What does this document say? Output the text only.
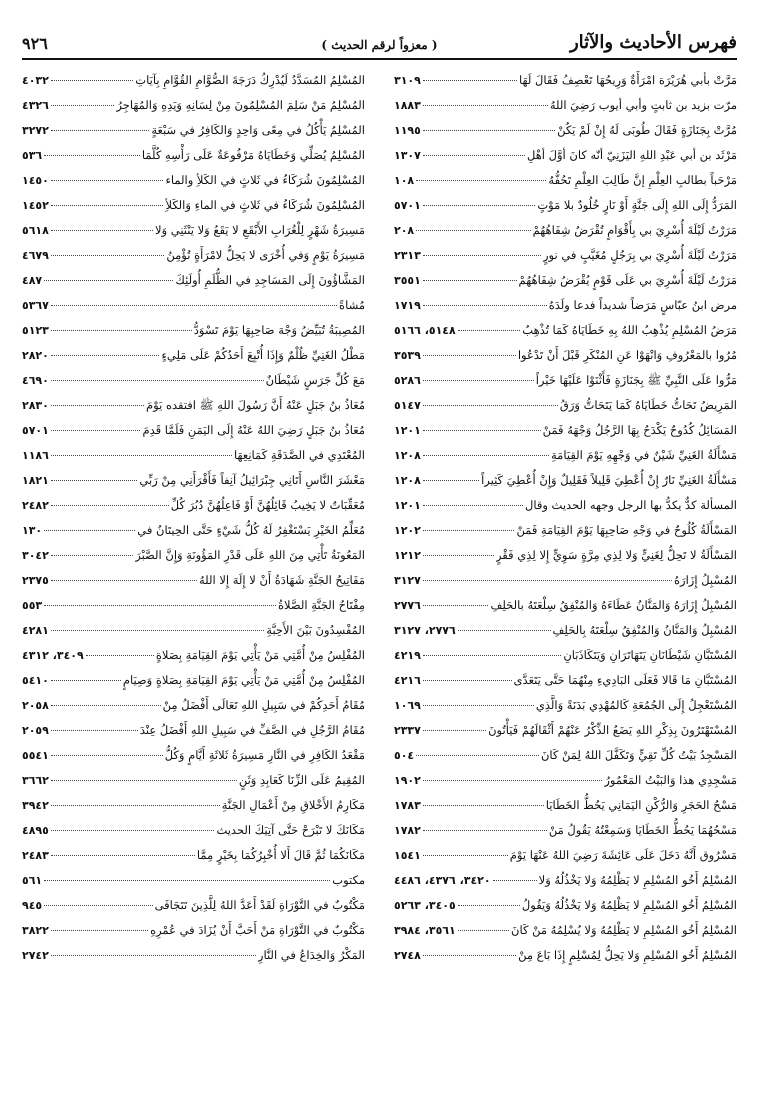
فهرس الأحاديث والآثار
( معزواً لرقم الحديث )
٩٢٦
مَرَّتْ بأبي هُرَيْرَة امْرَأَةٌ وَرِيحُهَا تَعْصِفُ فَقَالَ لَهَا
٣١٠٩
مرّت بزيد بن ثابتٍ وأبي أيوب رَضِيَ اللهُ
١٨٨٣
مُرَّتْ بِجَنَازَةٍ فَقَالَ طُوبَى لَهُ إِنْ لَمْ يَكُنْ
١١٩٥
مَرْثَد بن أبي عَبْدِ اللهِ اليَزَنِيّ أنّه كانَ أوَّلَ أهْلِ
١٣٠٧
مَرْحَباً بطالبِ العِلْمِ إنَّ طَالِبَ العِلْمِ تَحُفُّهُ
١٠٨
المَرَدُّ إِلَى اللهِ إِلَى جَنَّةٍ أَوْ نَارٍ خُلُودٌ بلا مَوْتٍ
٥٧٠١
مَرَرْتُ لَيْلَةَ أُسْرِيَ بي بِأَقْوَامٍ تُقْرَضُ شِفَاهُهُمْ
٢٠٨
مَرَرْتُ لَيْلَةَ أُسْرِيَ بي بِرَجُلٍ مُغَيَّبٍ في نورٍ
٢٣١٣
مَرَرْتُ لَيْلَةَ أُسْرِيَ بي عَلَى قَوْمٍ يُقْرَضُ شِفَاهُهُمْ
٣٥٥١
مرض ابنُ عبّاسٍ مَرَضاً شديداً فدعا ولَدَهُ
١٧١٩
مَرَضُ المُسْلِمِ يُذْهِبُ اللهُ بِهِ خَطَايَاهُ كَمَا تُذْهِبُ
٥١٤٨، ٥١٦٦
مُرُوا بالمَعْرُوفِ وَانْهَوْا عَنِ المُنْكَرِ قَبْلَ أَنْ تَدْعُوا
٣٥٣٩
مَرُّوا عَلَى النَّبِيِّ ﷺ بِجَنَازَةٍ فَأَثْنَوْا عَلَيْهَا خَيْراً
٥٢٨٦
المَرِيضُ تَحَاتُّ خَطَايَاهُ كَمَا يَتَحَاتُّ وَرَقُ
٥١٤٧
المَسَائِلُ كُدُوحٌ يَكْدَحُ بِهَا الرَّجُلُ وَجْهَهُ فَمَنْ
١٢٠١
مَسْأَلَةُ الغَنِيِّ شَيْنٌ في وَجْهِهِ يَوْمَ القِيَامَةِ
١٢٠٨
مَسْأَلَةُ الغَنِيِّ نَارٌ إِنْ أُعْطِيَ قَلِيلاً فَقَلِيلٌ وَإِنْ أُعْطِيَ كَثِيراً
١٢٠٨
المسألة كدٌّ يكدُّ بها الرجل وجهه الحديث وقال
١٢٠١
المَسْأَلَةُ كُلُوحٌ في وَجْهِ صَاحِبِهَا يَوْمَ القِيَامَةِ فَمَنْ
١٢٠٢
المَسْأَلَةُ لا تَحِلُّ لِغَنِيٍّ وَلا لِذِي مِرَّةٍ سَوِيٍّ إِلا لِذِي فَقْرٍ
١٢١٢
المُسْبِلُ إِزَارَهُ
٣١٢٧
المُسْبِلُ إِزَارَهُ وَالمَنَّانُ عَطَاءَهُ وَالمُنْفِقُ سِلْعَتَهُ بالحَلِفِ
٢٧٧٦
المُسْبِلُ وَالمَنَّانُ وَالمُنْفِقُ سِلْعَتَهُ بِالحَلِفِ
٢٧٧٦، ٣١٢٧
المُسْتَبَّانِ شَيْطَانَانِ يَتَهَاتَرَانِ وَيَتَكَاذَبَانِ
٤٢١٩
المُسْتَبَّانِ مَا قَالا فَعَلَى البَادِيءِ مِنْهُمَا حَتَّى يَتَعَدَّى
٤٢١٦
المُسْتَعْجِلُ إِلَى الجُمُعَةِ كَالمُهْدِي بَدَنَةً وَالَّذِي
١٠٦٩
المُسْتَهْتَرُونَ بِذِكْرِ اللهِ يَضَعُ الذِّكْرُ عَنْهُمْ أَثْقَالَهُمْ فَيَأْتُونَ
٢٣٣٧
المَسْجِدُ بَيْتُ كُلِّ تَقِيٍّ وَتَكَفَّلَ اللهُ لِمَنْ كَانَ
٥٠٤
مَسْجِدِي هذا وَالبَيْتُ المَعْمُورُ
١٩٠٢
مَسْحُ الحَجَرِ وَالرُّكْنِ اليَمَانِي يَحُطُّ الخَطَايَا
١٧٨٣
مَسْحُهُمَا يَحُطُّ الخَطَايَا وَسَمِعْتُهُ يَقُولُ مَنْ
١٧٨٢
مَسْرُوق أَنَّهُ دَخَلَ عَلَى عَائِشَةَ رَضِيَ اللهُ عَنْهَا يَوْمَ
١٥٤١
المُسْلِمُ أَخُو المُسْلِمِ لا يَظْلِمُهُ وَلا يَخْذُلُهُ وَلا
٣٤٢٠، ٤٣٧٦، ٤٤٨٦
المُسْلِمُ أَخُو المُسْلِمِ لا يَظْلِمُهُ وَلا يَخْذُلُهُ وَيَقُولُ
٣٤٠٥، ٥٢٦٣
المُسْلِمُ أَخُو المُسْلِمِ لا يَظْلِمُهُ وَلا يُسْلِمُهُ مَنْ كَانَ
٣٥٦١، ٣٩٨٤
المُسْلِمُ أَخُو المُسْلِمِ وَلا يَحِلُّ لِمُسْلِمٍ إِذَا بَاعَ مِنْ
٢٧٤٨
المُسْلِمُ المُسَدَّدُ لَيُدْرِكُ دَرَجَةَ الصُّوَّامِ القُوَّامِ بِآيَاتِ
٤٠٣٢
المُسْلِمُ مَنْ سَلِمَ المُسْلِمُونَ مِنْ لِسَانِهِ وَيَدِهِ وَالمُهَاجِرُ
٤٣٢٦
المُسْلِمُ يَأْكُلُ في مِعًى وَاحِدٍ وَالكَافِرُ في سَبْعَةٍ
٣٢٧٢
المُسْلِمُ يُصَلِّي وَخَطَايَاهُ مَرْفُوعَةٌ عَلَى رَأْسِهِ كُلَّمَا
٥٣٦
المُسْلِمُونَ شُرَكَاءُ في ثَلاثٍ في الكَلأِ والماء
١٤٥٠
المُسْلِمُونَ شُرَكَاءُ في ثَلاثٍ في الماءِ وَالكَلأِ
١٤٥٢
مَسِيرَةُ شَهْرٍ لِلْغُرَابِ الأَبْقَعِ لا يَقَعُ وَلا يَنْثَنِي وَلا
٥٦١٨
مَسِيرَةُ يَوْمٍ وَفي أُخْرَى لا يَحِلُّ لامْرَأَةٍ تُؤْمِنُ
٤٦٧٩
المَشَّاؤُونَ إِلَى المَسَاجِدِ في الظُّلَمِ أُولَئِكَ
٤٨٧
مُشاةً
٥٣٦٧
المُصِيبَةُ تُبَيِّضُ وَجْهَ صَاحِبِهَا يَوْمَ تَسْوَدُّ
٥١٢٣
مَطْلُ الغَنِيِّ ظُلْمٌ وَإِذَا أُتْبِعَ أَحَدُكُمْ عَلَى مَلِيءٍ
٢٨٢٠
مَعَ كُلِّ جَرَسٍ شَيْطَانٌ
٤٦٩٠
مُعَاذُ بنُ جَبَلٍ عَنْهُ أَنَّ رَسُولَ اللهِ ﷺ افتقده يَوْمَ
٢٨٣٠
مُعَاذُ بنُ جَبَلٍ رَضِيَ اللهُ عَنْهُ إِلَى اليَمَنِ فَلَمَّا قَدِمَ
٥٧٠١
المُعْتَدِي في الصَّدَقَةِ كَمَانِعِهَا
١١٨٦
مَعْشَرَ النَّاسِ أَتَانِي جِبْرَائِيلُ آنِفاً فَأَقْرَأَنِي مِنْ رَبِّي
١٨٢١
مُعَقِّبَاتٌ لا يَخِيبُ قَائِلُهُنَّ أَوْ فَاعِلُهُنَّ دُبُرَ كُلِّ
٢٤٨٢
مُعَلِّمُ الخَيْرِ يَسْتَغْفِرُ لَهُ كُلُّ شَيْءٍ حَتَّى الحِيتَانُ في
١٣٠
المَعُونَةُ تَأْتِي مِنَ اللهِ عَلَى قَدْرِ المَؤُونَةِ وَإِنَّ الصَّبْرَ
٣٠٤٢
مَفَاتِيحُ الجَنَّةِ شَهَادَةُ أَنْ لا إِلَهَ إِلا اللهُ
٢٣٧٥
مِفْتَاحُ الجَنَّةِ الصَّلاةُ
٥٥٣
المُفْسِدُونَ بَيْنَ الأَحِبَّةِ
٤٢٨١
المُفْلِسُ مِنْ أُمَّتِي مَنْ يَأْتِي يَوْمَ القِيَامَةِ بِصَلاةٍ
٣٤٠٩، ٤٣١٢
المُفْلِسُ مِنْ أُمَّتِي مَنْ يَأْتِي يَوْمَ القِيَامَةِ بِصَلاةٍ وَصِيَامٍ
٥٤١٠
مُقَامُ أَحَدِكُمْ في سَبِيلِ اللهِ تَعَالَى أَفْضَلُ مِنْ
٢٠٥٨
مُقَامُ الرَّجُلِ في الصَّفِّ في سَبِيلِ اللهِ أَفْضَلُ عِنْدَ
٢٠٥٩
مَقْعَدُ الكَافِرِ في النَّارِ مَسِيرَةُ ثَلاثَةِ أَيَّامٍ وَكُلُّ
٥٥٤١
المُقِيمُ عَلَى الزِّنَا كَعَابِدِ وَثَنٍ
٣٦٦٢
مَكَارِمُ الأَخْلاقِ مِنْ أَعْمَالِ الجَنَّةِ
٣٩٤٢
مَكَانَكَ لا تَبْرَحْ حَتَّى آتِيَكَ الحديث
٤٨٩٥
مَكَانَكُمَا ثُمَّ قَالَ أَلا أُخْبِرُكُمَا بِخَيْرٍ مِمَّا
٢٤٨٣
مكتوب
٥٦١
مَكْتُوبٌ في التَّوْرَاةِ لَقَدْ أَعَدَّ اللهُ لِلَّذِينَ تَتَجَافَى
٩٤٥
مَكْتُوبٌ في التَّوْرَاةِ مَنْ أَحَبَّ أَنْ يُزَادَ في عُمْرِهِ
٣٨٢٢
المَكْرُ وَالخِدَاعُ في النَّارِ
٢٧٤٢
